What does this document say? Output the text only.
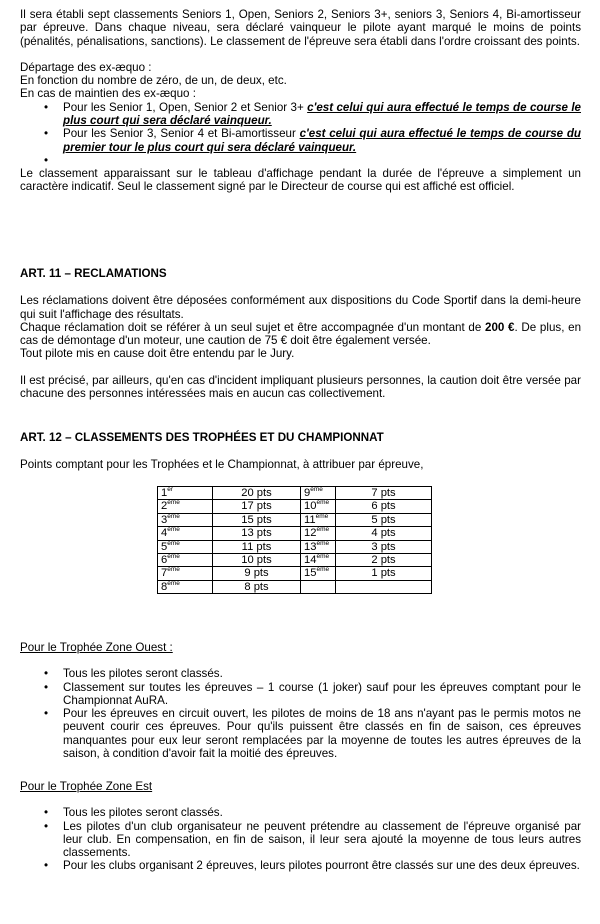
Il sera établi sept classements Seniors 1, Open, Seniors 2, Seniors 3+, seniors 3, Seniors 4, Bi-amortisseur par épreuve. Dans chaque niveau, sera déclaré vainqueur le pilote ayant marqué le moins de points (pénalités, pénalisations, sanctions). Le classement de l'épreuve sera établi dans l'ordre croissant des points.

Départage des ex-æquo :

En fonction du nombre de zéro, de un, de deux, etc.

En cas de maintien des ex-æquo :

• Pour les Senior 1, Open, Senior 2 et Senior 3+ c'est celui qui aura effectué le temps de course le plus court qui sera déclaré vainqueur.
• Pour les Senior 3, Senior 4 et Bi-amortisseur c'est celui qui aura effectué le temps de course du premier tour le plus court qui sera déclaré vainqueur.
•

Le classement apparaissant sur le tableau d'affichage pendant la durée de l'épreuve a simplement un caractère indicatif. Seul le classement signé par le Directeur de course qui est affiché est officiel.

ART. 11 – RECLAMATIONS

Les réclamations doivent être déposées conformément aux dispositions du Code Sportif dans la demi-heure qui suit l'affichage des résultats.

Chaque réclamation doit se référer à un seul sujet et être accompagnée d'un montant de 200 €. De plus, en cas de démontage d'un moteur, une caution de 75 € doit être également versée.

Tout pilote mis en cause doit être entendu par le Jury.

Il est précisé, par ailleurs, qu'en cas d'incident impliquant plusieurs personnes, la caution doit être versée par chacune des personnes intéressées mais en aucun cas collectivement.

ART. 12 – CLASSEMENTS DES TROPHÉES ET DU CHAMPIONNAT

Points comptant pour les Trophées et le Championnat, à attribuer par épreuve,

1er	20 pts	9ème	7 pts
2ème	17 pts	10ème	6 pts
3ème	15 pts	11ème	5 pts
4ème	13 pts	12ème	4 pts
5ème	11 pts	13ème	3 pts
6ème	10 pts	14ème	2 pts
7ème	9 pts	15ème	1 pts
8ème	8 pts		

Pour le Trophée Zone Ouest :

• Tous les pilotes seront classés.
• Classement sur toutes les épreuves – 1 course (1 joker) sauf pour les épreuves comptant pour le Championnat AuRA.
• Pour les épreuves en circuit ouvert, les pilotes de moins de 18 ans n'ayant pas le permis motos ne peuvent courir ces épreuves. Pour qu'ils puissent être classés en fin de saison, ces épreuves manquantes pour eux leur seront remplacées par la moyenne de toutes les autres épreuves de la saison, à condition d'avoir fait la moitié des épreuves.

Pour le Trophée Zone Est

• Tous les pilotes seront classés.
• Les pilotes d'un club organisateur ne peuvent prétendre au classement de l'épreuve organisé par leur club. En compensation, en fin de saison, il leur sera ajouté la moyenne de tous leurs autres classements.
• Pour les clubs organisant 2 épreuves, leurs pilotes pourront être classés sur une des deux épreuves.
